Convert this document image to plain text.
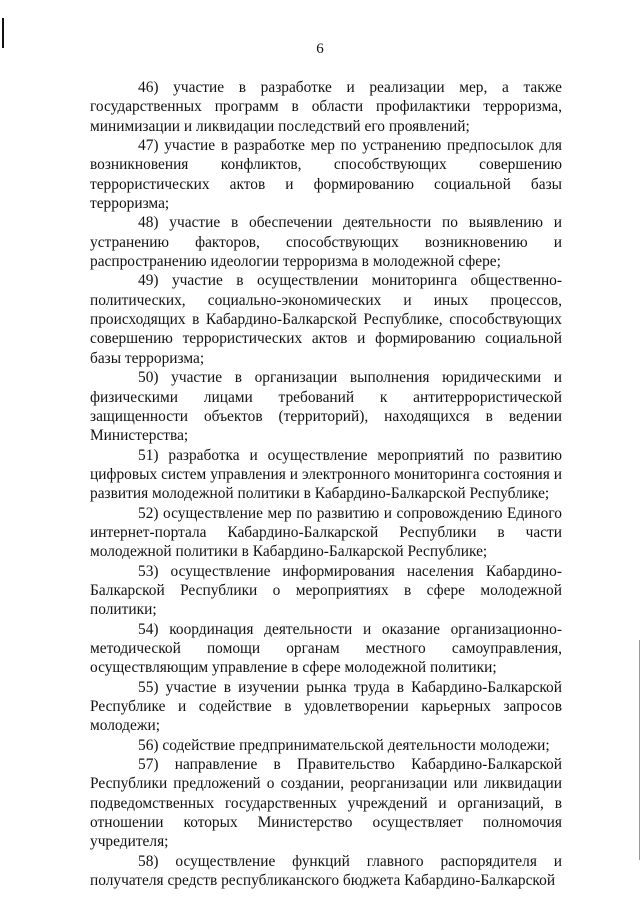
6

46) участие в разработке и реализации мер, а также государственных программ в области профилактики терроризма, минимизации и ликвидации последствий его проявлений;

47) участие в разработке мер по устранению предпосылок для возникновения конфликтов, способствующих совершению террористических актов и формированию социальной базы терроризма;

48) участие в обеспечении деятельности по выявлению и устранению факторов, способствующих возникновению и распространению идеологии терроризма в молодежной сфере;

49) участие в осуществлении мониторинга общественно-политических, социально-экономических и иных процессов, происходящих в Кабардино-Балкарской Республике, способствующих совершению террористических актов и формированию социальной базы терроризма;

50) участие в организации выполнения юридическими и физическими лицами требований к антитеррористической защищенности объектов (территорий), находящихся в ведении Министерства;

51) разработка и осуществление мероприятий по развитию цифровых систем управления и электронного мониторинга состояния и развития молодежной политики в Кабардино-Балкарской Республике;

52) осуществление мер по развитию и сопровождению Единого интернет-портала Кабардино-Балкарской Республики в части молодежной политики в Кабардино-Балкарской Республике;

53) осуществление информирования населения Кабардино-Балкарской Республики о мероприятиях в сфере молодежной политики;

54) координация деятельности и оказание организационно-методической помощи органам местного самоуправления, осуществляющим управление в сфере молодежной политики;

55) участие в изучении рынка труда в Кабардино-Балкарской Республике и содействие в удовлетворении карьерных запросов молодежи;

56) содействие предпринимательской деятельности молодежи;

57) направление в Правительство Кабардино-Балкарской Республики предложений о создании, реорганизации или ликвидации подведомственных государственных учреждений и организаций, в отношении которых Министерство осуществляет полномочия учредителя;

58) осуществление функций главного распорядителя и получателя средств республиканского бюджета Кабардино-Балкарской
